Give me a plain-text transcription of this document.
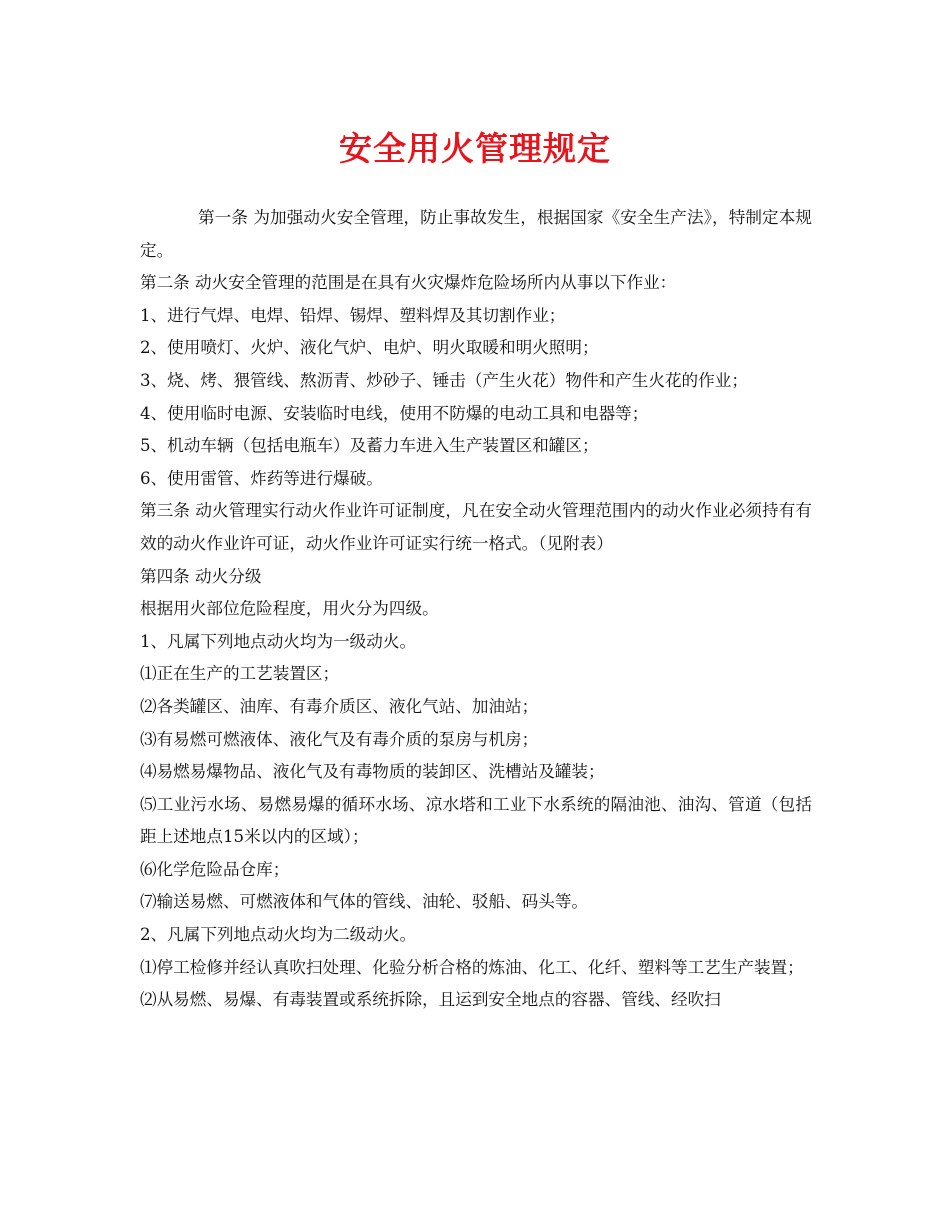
安全用火管理规定

第一条 为加强动火安全管理，防止事故发生，根据国家《安全生产法》，特制定本规定。

第二条 动火安全管理的范围是在具有火灾爆炸危险场所内从事以下作业：

1、进行气焊、电焊、铅焊、锡焊、塑料焊及其切割作业；

2、使用喷灯、火炉、液化气炉、电炉、明火取暖和明火照明；

3、烧、烤、猥管线、熬沥青、炒砂子、锤击（产生火花）物件和产生火花的作业；

4、使用临时电源、安装临时电线，使用不防爆的电动工具和电器等；

5、机动车辆（包括电瓶车）及蓄力车进入生产装置区和罐区；

6、使用雷管、炸药等进行爆破。

第三条 动火管理实行动火作业许可证制度，凡在安全动火管理范围内的动火作业必须持有有效的动火作业许可证，动火作业许可证实行统一格式。（见附表）

第四条 动火分级

根据用火部位危险程度，用火分为四级。

1、凡属下列地点动火均为一级动火。

⑴正在生产的工艺装置区；

⑵各类罐区、油库、有毒介质区、液化气站、加油站；

⑶有易燃可燃液体、液化气及有毒介质的泵房与机房；

⑷易燃易爆物品、液化气及有毒物质的装卸区、洗槽站及罐装；

⑸工业污水场、易燃易爆的循环水场、凉水塔和工业下水系统的隔油池、油沟、管道（包括距上述地点15米以内的区域）；

⑹化学危险品仓库；

⑺输送易燃、可燃液体和气体的管线、油轮、驳船、码头等。

2、凡属下列地点动火均为二级动火。

⑴停工检修并经认真吹扫处理、化验分析合格的炼油、化工、化纤、塑料等工艺生产装置；

⑵从易燃、易爆、有毒装置或系统拆除，且运到安全地点的容器、管线、经吹扫
